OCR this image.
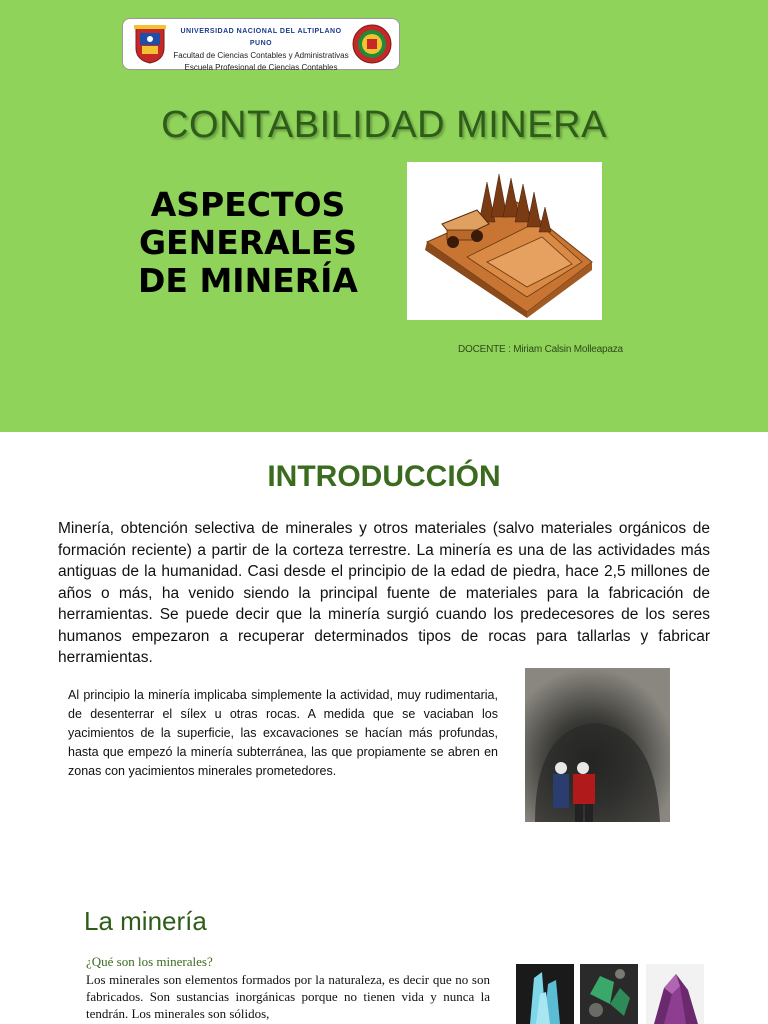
UNIVERSIDAD NACIONAL DEL ALTIPLANO PUNO
Facultad de Ciencias Contables y Administrativas
Escuela Profesional de Ciencias Contables
CONTABILIDAD MINERA
ASPECTOS
GENERALES
DE MINERÍA
DOCENTE : Miriam Calsin Molleapaza
INTRODUCCIÓN

Minería, obtención selectiva de minerales y otros materiales (salvo materiales orgánicos de formación reciente) a partir de la corteza terrestre. La minería es una de las actividades más antiguas de la humanidad. Casi desde el principio de la edad de piedra, hace 2,5 millones de años o más, ha venido siendo la principal fuente de materiales para la fabricación de herramientas. Se puede decir que la minería surgió cuando los predecesores de los seres humanos empezaron a recuperar determinados tipos de rocas para tallarlas y fabricar herramientas.

Al principio la minería implicaba simplemente la actividad, muy rudimentaria, de desenterrar el sílex u otras rocas. A medida que se vaciaban los yacimientos de la superficie, las excavaciones se hacían más profundas, hasta que empezó la minería subterránea, las que propiamente se abren en zonas con yacimientos minerales prometedores.

La minería
¿Qué son los minerales?

Los minerales son elementos formados por la naturaleza, es decir que no son fabricados. Son sustancias inorgánicas porque no tienen vida y nunca la tendrán. Los minerales son sólidos,
